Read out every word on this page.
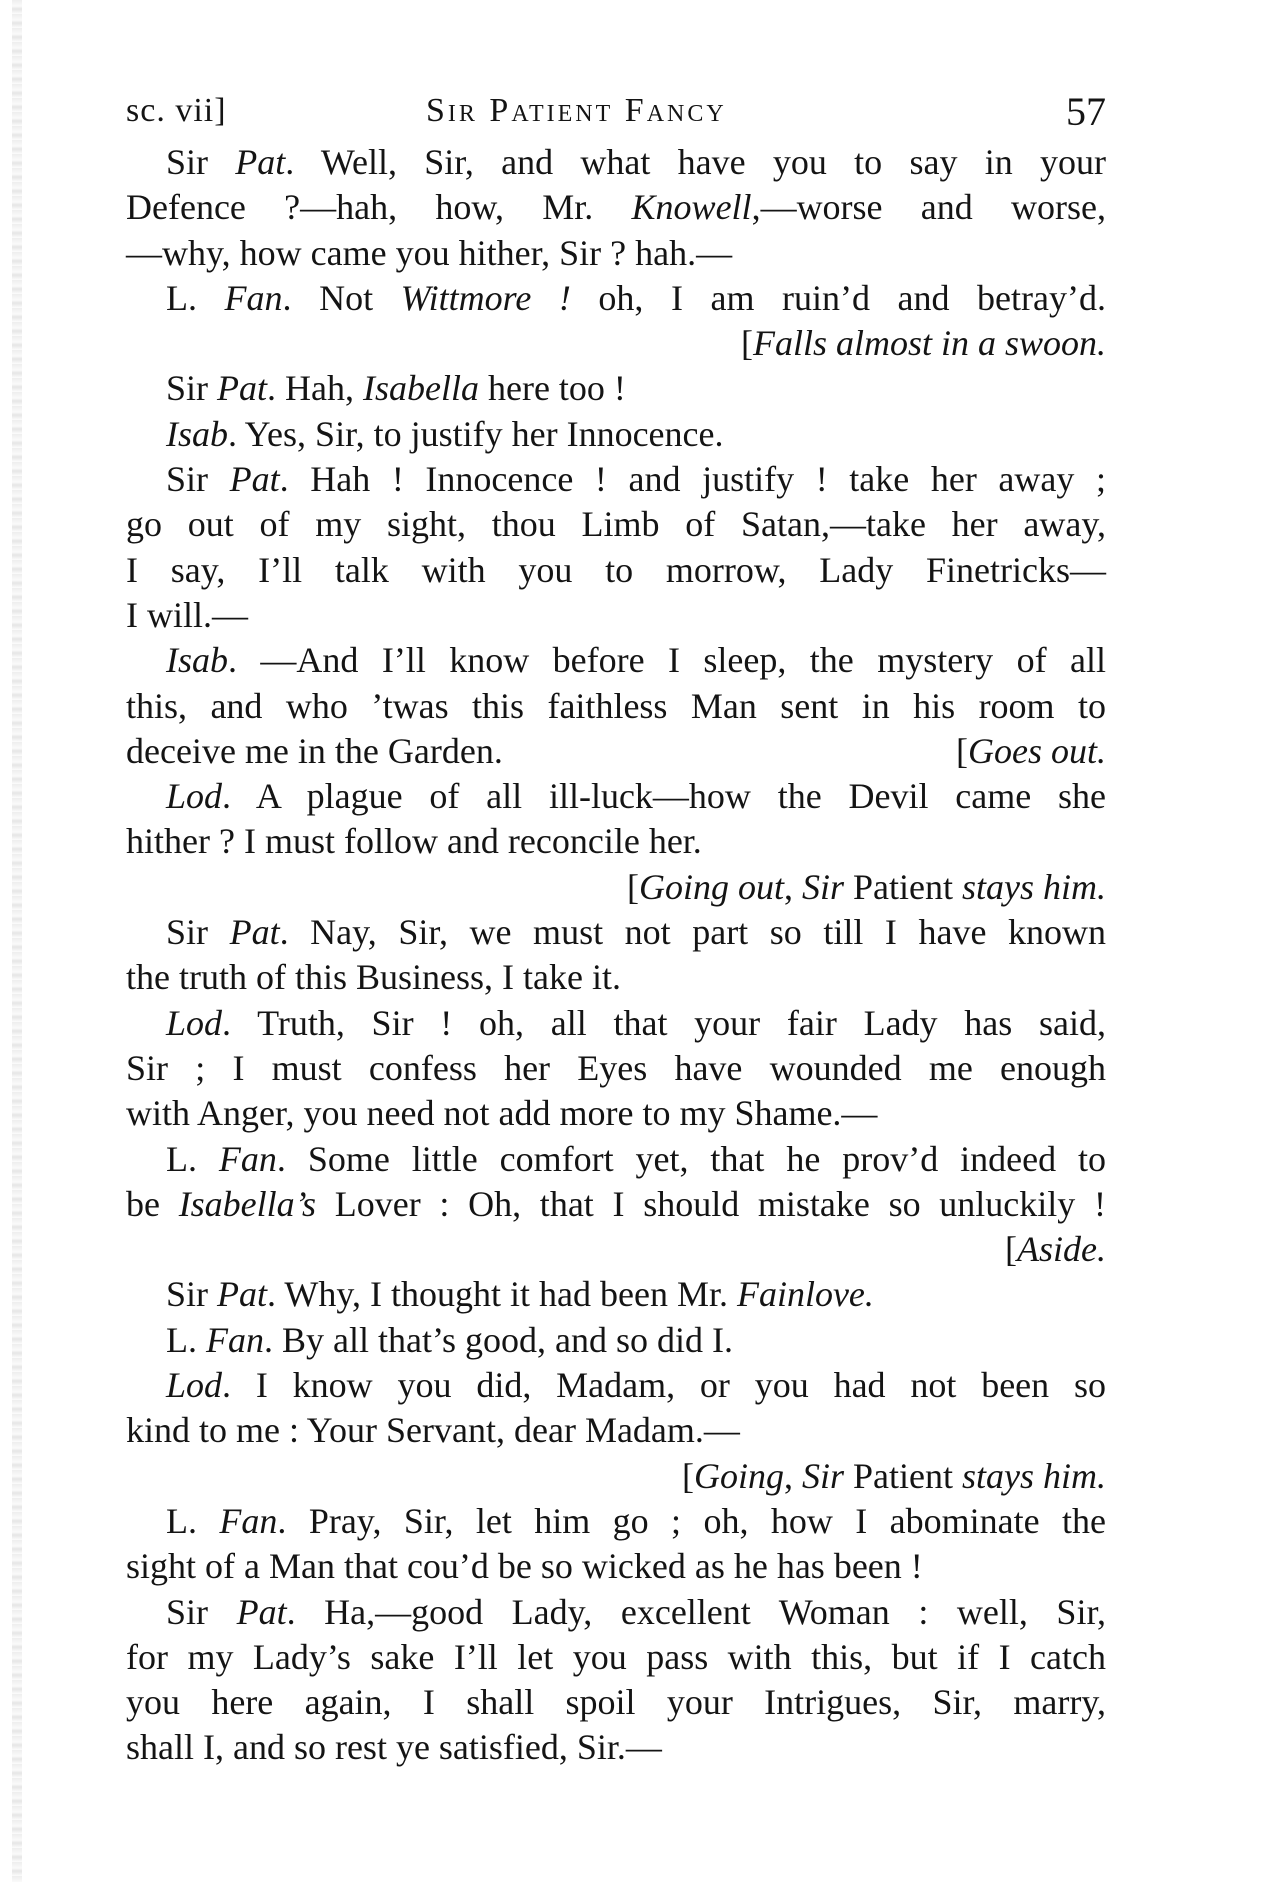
sc. vii]	Sir Patient Fancy	57
Sir Pat. Well, Sir, and what have you to say in your
Defence ?—hah, how, Mr. Knowell,—worse and worse,
—why, how came you hither, Sir ? hah.—
L. Fan. Not Wittmore ! oh, I am ruin’d and betray’d.
[Falls almost in a swoon.
Sir Pat. Hah, Isabella here too !
Isab. Yes, Sir, to justify her Innocence.
Sir Pat. Hah ! Innocence ! and justify ! take her away ;
go out of my sight, thou Limb of Satan,—take her away,
I say, I’ll talk with you to morrow, Lady Finetricks—
I will.—
Isab. —And I’ll know before I sleep, the mystery of all
this, and who ’twas this faithless Man sent in his room to
deceive me in the Garden.	[Goes out.
Lod. A plague of all ill-luck—how the Devil came she
hither ? I must follow and reconcile her.
[Going out, Sir Patient stays him.
Sir Pat. Nay, Sir, we must not part so till I have known
the truth of this Business, I take it.
Lod. Truth, Sir ! oh, all that your fair Lady has said,
Sir ; I must confess her Eyes have wounded me enough
with Anger, you need not add more to my Shame.—
L. Fan. Some little comfort yet, that he prov’d indeed to
be Isabella’s Lover : Oh, that I should mistake so unluckily !
[Aside.
Sir Pat. Why, I thought it had been Mr. Fainlove.
L. Fan. By all that’s good, and so did I.
Lod. I know you did, Madam, or you had not been so
kind to me : Your Servant, dear Madam.—
[Going, Sir Patient stays him.
L. Fan. Pray, Sir, let him go ; oh, how I abominate the
sight of a Man that cou’d be so wicked as he has been !
Sir Pat. Ha,—good Lady, excellent Woman : well, Sir,
for my Lady’s sake I’ll let you pass with this, but if I catch
you here again, I shall spoil your Intrigues, Sir, marry,
shall I, and so rest ye satisfied, Sir.—
